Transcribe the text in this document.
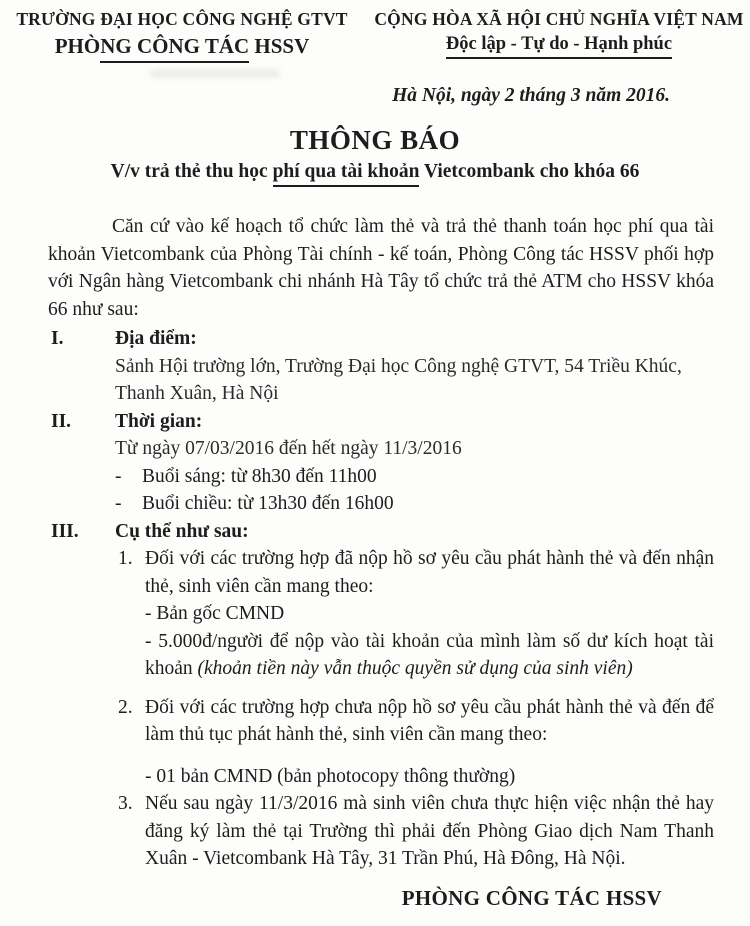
TRƯỜNG ĐẠI HỌC CÔNG NGHỆ GTVT
PHÒNG CÔNG TÁC HSSV
CỘNG HÒA XÃ HỘI CHỦ NGHĨA VIỆT NAM
Độc lập - Tự do - Hạnh phúc
Hà Nội, ngày 2 tháng 3 năm 2016.
THÔNG BÁO
V/v trả thẻ thu học phí qua tài khoản Vietcombank cho khóa 66

Căn cứ vào kế hoạch tổ chức làm thẻ và trả thẻ thanh toán học phí qua tài khoản Vietcombank của Phòng Tài chính - kế toán, Phòng Công tác HSSV phối hợp với Ngân hàng Vietcombank chi nhánh Hà Tây tổ chức trả thẻ ATM cho HSSV khóa 66 như sau:

I.	Địa điểm:
Sảnh Hội trường lớn, Trường Đại học Công nghệ GTVT, 54 Triều Khúc, Thanh Xuân, Hà Nội
II.	Thời gian:
Từ ngày 07/03/2016 đến hết ngày 11/3/2016
-	Buổi sáng: từ 8h30 đến 11h00
-	Buổi chiều: từ 13h30 đến 16h00
III.	Cụ thể như sau:
1. Đối với các trường hợp đã nộp hồ sơ yêu cầu phát hành thẻ và đến nhận thẻ, sinh viên cần mang theo:
- Bản gốc CMND
- 5.000đ/người để nộp vào tài khoản của mình làm số dư kích hoạt tài khoản (khoản tiền này vẫn thuộc quyền sử dụng của sinh viên)
2. Đối với các trường hợp chưa nộp hồ sơ yêu cầu phát hành thẻ và đến để làm thủ tục phát hành thẻ, sinh viên cần mang theo:
- 01 bản CMND (bản photocopy thông thường)
3. Nếu sau ngày 11/3/2016 mà sinh viên chưa thực hiện việc nhận thẻ hay đăng ký làm thẻ tại Trường thì phải đến Phòng Giao dịch Nam Thanh Xuân - Vietcombank Hà Tây, 31 Trần Phú, Hà Đông, Hà Nội.
PHÒNG CÔNG TÁC HSSV
